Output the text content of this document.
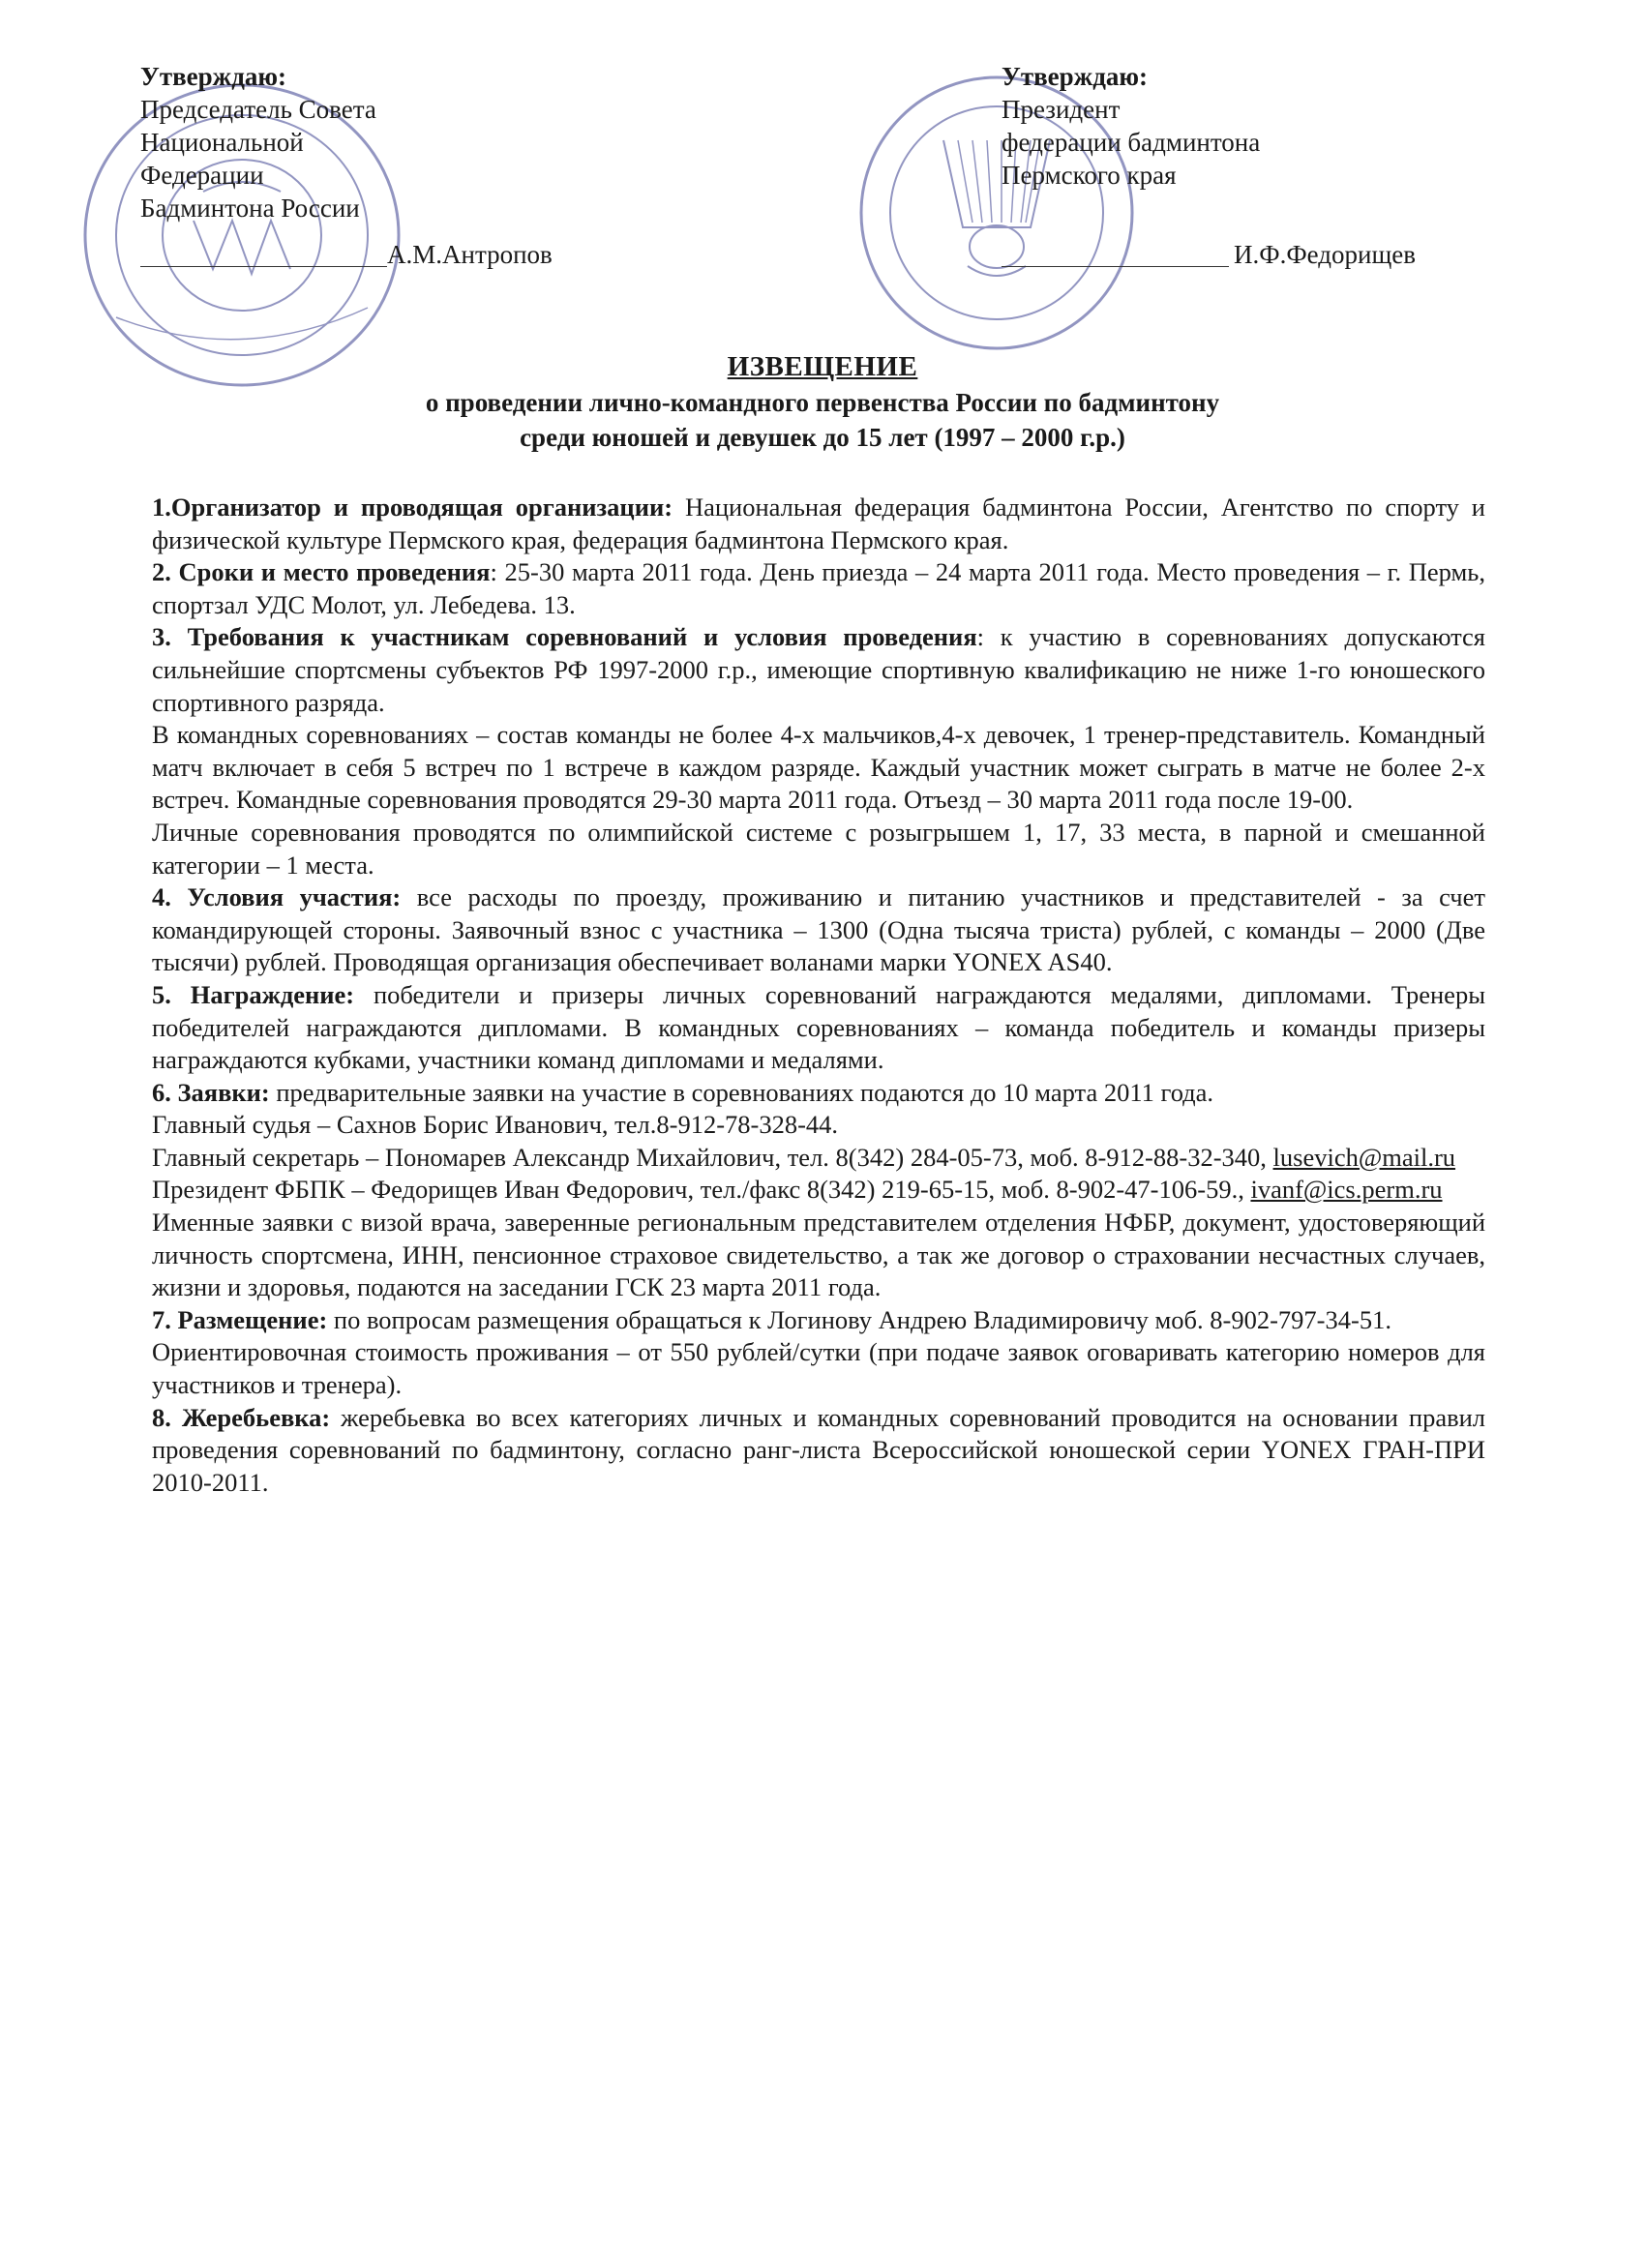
Утверждаю:
Председатель Совета
Национальной
Федерации
Бадминтона России
А.М.Антропов
Утверждаю:
Президент
федерации бадминтона
Пермского края
И.Ф.Федорищев
ИЗВЕЩЕНИЕ
о проведении лично-командного первенства России по бадминтону
среди юношей и девушек до 15 лет (1997 – 2000 г.р.)

1.Организатор и проводящая организации: Национальная федерация бадминтона России, Агентство по спорту и физической культуре Пермского края, федерация бадминтона Пермского края.

2. Сроки и место проведения: 25-30 марта 2011 года. День приезда – 24 марта 2011 года. Место проведения – г. Пермь, спортзал УДС Молот, ул. Лебедева. 13.

3. Требования к участникам соревнований и условия проведения: к участию в соревнованиях допускаются сильнейшие спортсмены субъектов РФ 1997-2000 г.р., имеющие спортивную квалификацию не ниже 1-го юношеского спортивного разряда.

В командных соревнованиях – состав команды не более 4-х мальчиков,4-х девочек, 1 тренер-представитель. Командный матч включает в себя 5 встреч по 1 встрече в каждом разряде. Каждый участник может сыграть в матче не более 2-х встреч. Командные соревнования проводятся 29-30 марта 2011 года. Отъезд – 30 марта 2011 года после 19-00.

Личные соревнования проводятся по олимпийской системе с розыгрышем 1, 17, 33 места, в парной и смешанной категории – 1 места.

4. Условия участия: все расходы по проезду, проживанию и питанию участников и представителей - за счет командирующей стороны. Заявочный взнос с участника – 1300 (Одна тысяча триста) рублей, с команды – 2000 (Две тысячи) рублей. Проводящая организация обеспечивает воланами марки YONEX AS40.

5. Награждение: победители и призеры личных соревнований награждаются медалями, дипломами. Тренеры победителей награждаются дипломами. В командных соревнованиях – команда победитель и команды призеры награждаются кубками, участники команд дипломами и медалями.

6. Заявки: предварительные заявки на участие в соревнованиях подаются до 10 марта 2011 года.

Главный судья – Сахнов Борис Иванович, тел.8-912-78-328-44.

Главный секретарь – Пономарев Александр Михайлович, тел. 8(342) 284-05-73, моб. 8-912-88-32-340, lusevich@mail.ru

Президент ФБПК – Федорищев Иван Федорович, тел./факс 8(342) 219-65-15, моб. 8-902-47-106-59., ivanf@ics.perm.ru

Именные заявки с визой врача, заверенные региональным представителем отделения НФБР, документ, удостоверяющий личность спортсмена, ИНН, пенсионное страховое свидетельство, а так же договор о страховании несчастных случаев, жизни и здоровья, подаются на заседании ГСК 23 марта 2011 года.

7. Размещение: по вопросам размещения обращаться к Логинову Андрею Владимировичу моб. 8-902-797-34-51.

Ориентировочная стоимость проживания – от 550 рублей/сутки (при подаче заявок оговаривать категорию номеров для участников и тренера).

8. Жеребьевка: жеребьевка во всех категориях личных и командных соревнований проводится на основании правил проведения соревнований по бадминтону, согласно ранг-листа Всероссийской юношеской серии YONEX ГРАН-ПРИ 2010-2011.
